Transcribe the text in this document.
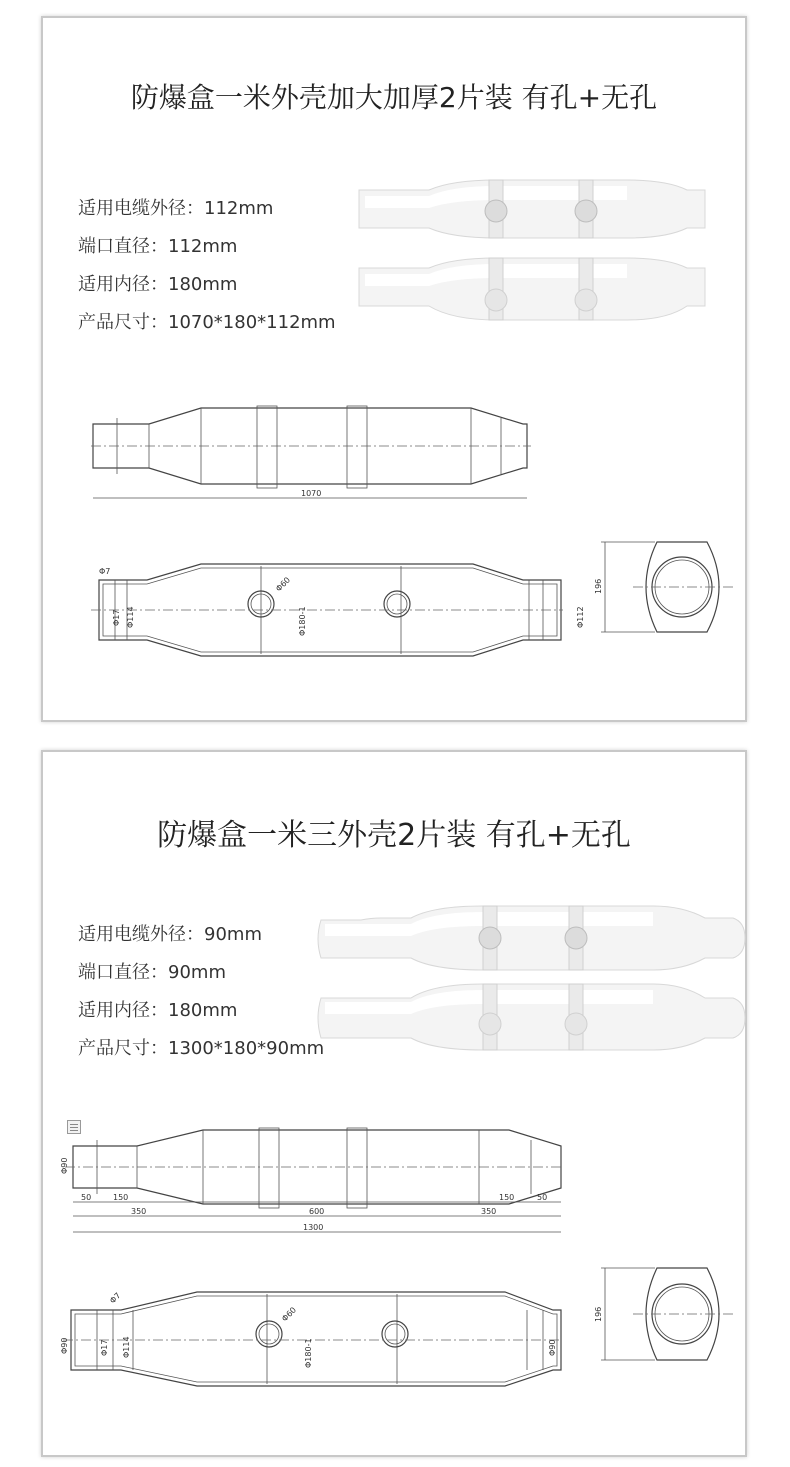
防爆盒一米外壳加大加厚2片装 有孔+无孔
适用电缆外径：112mm
端口直径：112mm
适用内径：180mm
产品尺寸：1070*180*112mm
1070
Φ7
Φ17 Φ114
Φ60
Φ180-1	Φ112
196
防爆盒一米三外壳2片装 有孔+无孔
适用电缆外径：90mm
端口直径：90mm
适用内径：180mm
产品尺寸：1300*180*90mm
Φ90
50	150	150	50
600
350	350
1300
Φ7
Φ90	Φ17 Φ114
Φ60
Φ180-1	Φ90
196
